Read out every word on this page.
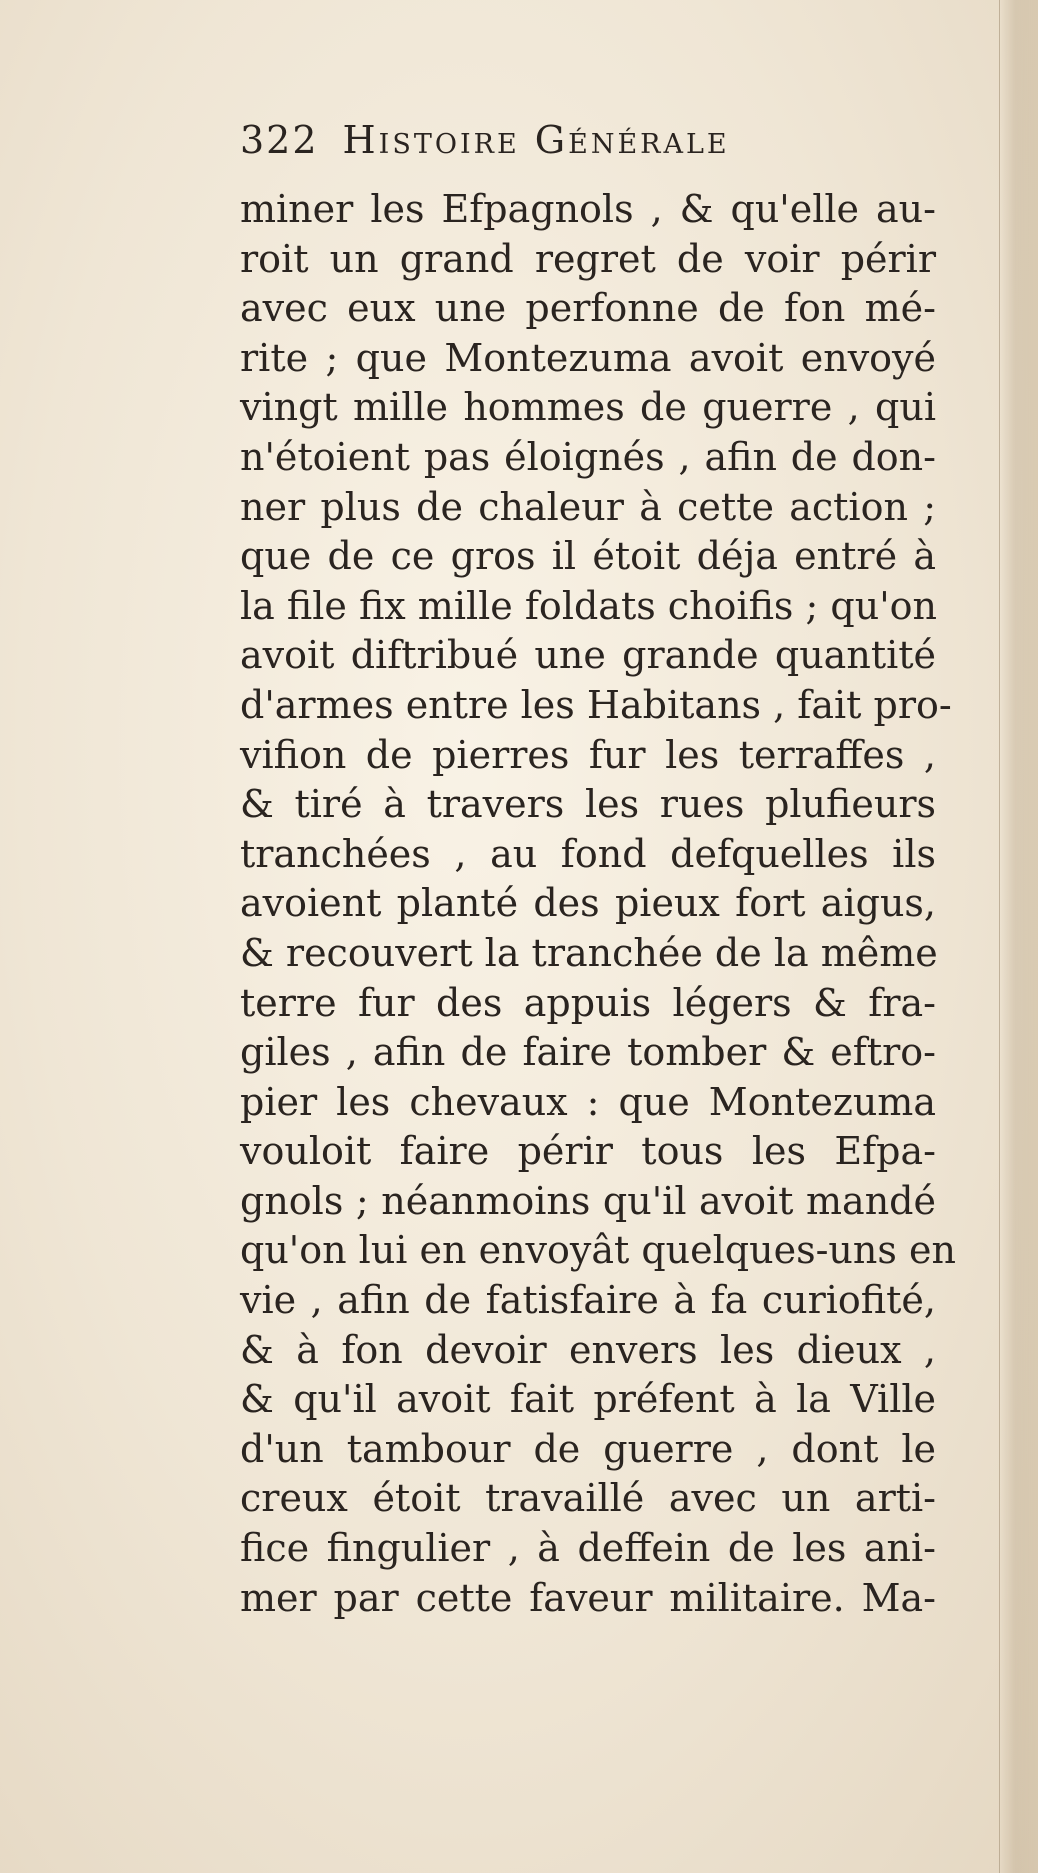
322 Histoire Générale
miner les Efpagnols , & qu'elle au-
roit un grand regret de voir périr
avec eux une perfonne de fon mé-
rite ; que Montezuma avoit envoyé
vingt mille hommes de guerre , qui
n'étoient pas éloignés , afin de don-
ner plus de chaleur à cette action ;
que de ce gros il étoit déja entré à
la file fix mille foldats choifis ; qu'on
avoit diftribué une grande quantité
d'armes entre les Habitans , fait pro-
vifion de pierres fur les terraffes ,
& tiré à travers les rues plufieurs
tranchées , au fond defquelles ils
avoient planté des pieux fort aigus,
& recouvert la tranchée de la même
terre fur des appuis légers & fra-
giles , afin de faire tomber & eftro-
pier les chevaux : que Montezuma
vouloit faire périr tous les Efpa-
gnols ; néanmoins qu'il avoit mandé
qu'on lui en envoyât quelques-uns en
vie , afin de fatisfaire à fa curiofité,
& à fon devoir envers les dieux ,
& qu'il avoit fait préfent à la Ville
d'un tambour de guerre , dont le
creux étoit travaillé avec un arti-
fice fingulier , à deffein de les ani-
mer par cette faveur militaire. Ma-
